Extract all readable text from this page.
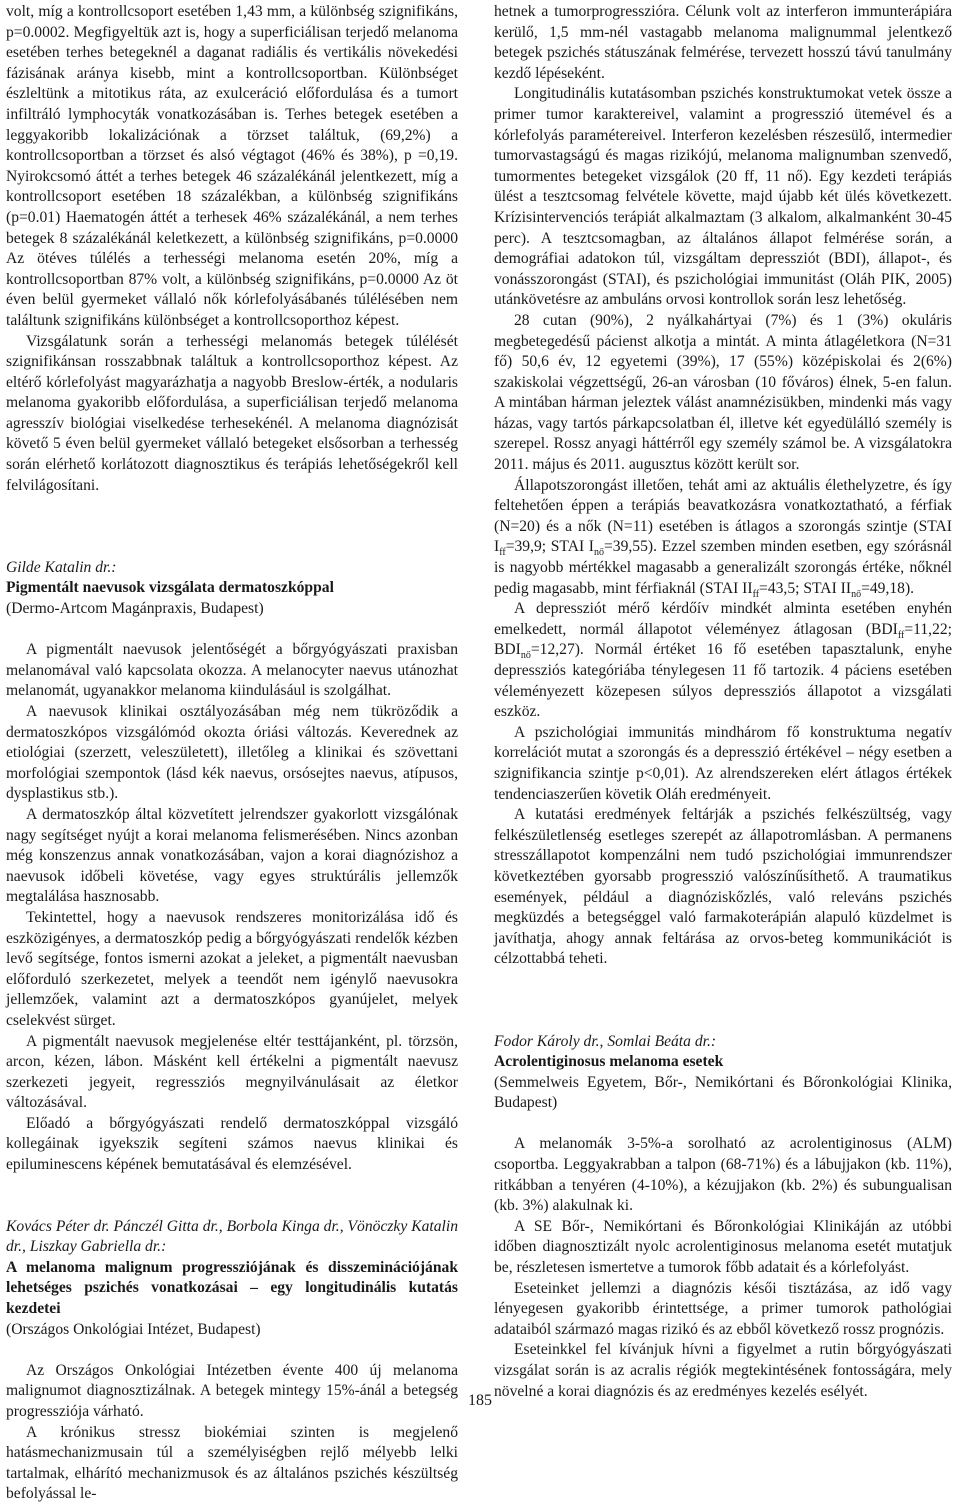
volt, míg a kontrollcsoport esetében 1,43 mm, a különbség szignifikáns, p=0.0002. Megfigyeltük azt is, hogy a superficiálisan terjedő melanoma esetében terhes betegeknél a daganat radiális és vertikális növekedési fázisának aránya kisebb, mint a kontrollcsoportban. Különbséget észleltünk a mitotikus ráta, az exulceráció előfordulása és a tumort infiltráló lymphocyták vonatkozásában is. Terhes betegek esetében a leggyakoribb lokalizációnak a törzset találtuk, (69,2%) a kontrollcsoportban a törzset és alsó végtagot (46% és 38%), p =0,19. Nyirokcsomó áttét a terhes betegek 46 százalékánál jelentkezett, míg a kontrollcsoport esetében 18 százalékban, a különbség szignifikáns (p=0.01) Haematogén áttét a terhesek 46% százalékánál, a nem terhes betegek 8 százalékánál keletkezett, a különbség szignifikáns, p=0.0000 Az ötéves túlélés a terhességi melanoma esetén 20%, míg a kontrollcsoportban 87% volt, a különbség szignifikáns, p=0.0000 Az öt éven belül gyermeket vállaló nők kórlefolyásábanés túlélésében nem találtunk szignifikáns különbséget a kontrollcsoporthoz képest.

Vizsgálatunk során a terhességi melanomás betegek túlélését szignifikánsan rosszabbnak találtuk a kontrollcsoporthoz képest. Az eltérő kórlefolyást magyarázhatja a nagyobb Breslow-érték, a nodularis melanoma gyakoribb előfordulása, a superficiálisan terjedő melanoma agresszív biológiai viselkedése terhesekénél. A melanoma diagnózisát követő 5 éven belül gyermeket vállaló betegeket elsősorban a terhesség során elérhető korlátozott diagnosztikus és terápiás lehetőségekről kell felvilágosítani.

Gilde Katalin dr.:

Pigmentált naevusok vizsgálata dermatoszkóppal

(Dermo-Artcom Magánpraxis, Budapest)

A pigmentált naevusok jelentőségét a bőrgyógyászati praxisban melanomával való kapcsolata okozza. A melanocyter naevus utánozhat melanomát, ugyanakkor melanoma kiindulásául is szolgálhat.

A naevusok klinikai osztályozásában még nem tükröződik a dermatoszkópos vizsgálómód okozta óriási változás. Keverednek az etiológiai (szerzett, veleszületett), illetőleg a klinikai és szövettani morfológiai szempontok (lásd kék naevus, orsósejtes naevus, atípusos, dysplastikus stb.).

A dermatoszkóp által közvetített jelrendszer gyakorlott vizsgálónak nagy segítséget nyújt a korai melanoma felismerésében. Nincs azonban még konszenzus annak vonatkozásában, vajon a korai diagnózishoz a naevusok időbeli követése, vagy egyes struktúrális jellemzők megtalálása hasznosabb.

Tekintettel, hogy a naevusok rendszeres monitorizálása idő és eszközigényes, a dermatoszkóp pedig a bőrgyógyászati rendelők kézben levő segítsége, fontos ismerni azokat a jeleket, a pigmentált naevusban előforduló szerkezetet, melyek a teendőt nem igénylő naevusokra jellemzőek, valamint azt a dermatoszkópos gyanújelet, melyek cselekvést sürget.

A pigmentált naevusok megjelenése eltér testtájanként, pl. törzsön, arcon, kézen, lábon. Másként kell értékelni a pigmentált naevusz szerkezeti jegyeit, regressziós megnyilvánulásait az életkor változásával.

Előadó a bőrgyógyászati rendelő dermatoszkóppal vizsgáló kollegáinak igyekszik segíteni számos naevus klinikai és epiluminescens képének bemutatásával és elemzésével.

Kovács Péter dr. Pánczél Gitta dr., Borbola Kinga dr., Vönöczky Katalin dr., Liszkay Gabriella dr.:

A melanoma malignum progressziójának és disszeminációjának lehetséges pszichés vonatkozásai – egy longitudinális kutatás kezdetei

(Országos Onkológiai Intézet, Budapest)

Az Országos Onkológiai Intézetben évente 400 új melanoma malignumot diagnosztizálnak. A betegek mintegy 15%-ánál a betegség progressziója várható.

A krónikus stressz biokémiai szinten is megjelenő hatásmechanizmusain túl a személyiségben rejlő mélyebb lelki tartalmak, elhárító mechanizmusok és az általános pszichés készültség befolyással le-

hetnek a tumorprogresszióra. Célunk volt az interferon immunterápiára kerülő, 1,5 mm-nél vastagabb melanoma malignummal jelentkező betegek pszichés státuszának felmérése, tervezett hosszú távú tanulmány kezdő lépéseként.

Longitudinális kutatásomban pszichés konstruktumokat vetek össze a primer tumor karaktereivel, valamint a progresszió ütemével és a kórlefolyás paramétereivel. Interferon kezelésben részesülő, intermedier tumorvastagságú és magas rizikójú, melanoma malignumban szenvedő, tumormentes betegeket vizsgálok (20 ff, 11 nő). Egy kezdeti terápiás ülést a tesztcsomag felvétele követte, majd újabb két ülés következett. Krízisintervenciós terápiát alkalmaztam (3 alkalom, alkalmanként 30-45 perc). A tesztcsomagban, az általános állapot felmérése során, a demográfiai adatokon túl, vizsgáltam depressziót (BDI), állapot-, és vonásszorongást (STAI), és pszichológiai immunitást (Oláh PIK, 2005) utánkövetésre az ambuláns orvosi kontrollok során lesz lehetőség.

28 cutan (90%), 2 nyálkahártyai (7%) és 1 (3%) okuláris megbetegedésű pácienst alkotja a mintát. A minta átlagéletkora (N=31 fő) 50,6 év, 12 egyetemi (39%), 17 (55%) középiskolai és 2(6%) szakiskolai végzettségű, 26-an városban (10 főváros) élnek, 5-en falun. A mintában hárman jeleztek válást anamnézisükben, mindenki más vagy házas, vagy tartós párkapcsolatban él, illetve két egyedülálló személy is szerepel. Rossz anyagi háttérről egy személy számol be. A vizsgálatokra 2011. május és 2011. augusztus között került sor.

Állapotszorongást illetően, tehát ami az aktuális élethelyzetre, és így feltehetően éppen a terápiás beavatkozásra vonatkoztatható, a férfiak (N=20) és a nők (N=11) esetében is átlagos a szorongás szintje (STAI $I_{ff}=39,9$; STAI $I_{nő}=39,55$). Ezzel szemben minden esetben, egy szórásnál is nagyobb mértékkel magasabb a generalizált szorongás értéke, nőknél pedig magasabb, mint férfiaknál (STAI $II_{ff}=43,5$; STAI $II_{nő}=49,18$).

A depressziót mérő kérdőív mindkét almintа esetében enyhén emelkedett, normál állapotot véleményez átlagosan ($BDI_{ff}=11,22$; $BDI_{nő}=12,27$). Normál értéket 16 fő esetében tapasztalunk, enyhe depressziós kategóriába ténylegesen 11 fő tartozik. 4 páciens esetében véleményezett közepesen súlyos depressziós állapotot a vizsgálati eszköz.

A pszichológiai immunitás mindhárom fő konstruktuma negatív korrelációt mutat a szorongás és a depresszió értékével – négy esetben a szignifikancia szintje p<0,01). Az alrendszereken elért átlagos értékek tendenciaszerűen követik Oláh eredményeit.

A kutatási eredmények feltárják a pszichés felkészültség, vagy felkészületlenség esetleges szerepét az állapotromlásban. A permanens stresszállapotot kompenzálni nem tudó pszichológiai immunrendszer következtében gyorsabb progresszió valószínűsíthető. A traumatikus események, például a diagnóziskőzlés, való releváns pszichés megküzdés a betegséggel való farmakoterápián alapuló küzdelmet is javíthatja, ahogy annak feltárása az orvos-beteg kommunikációt is célzottabbá teheti.

Fodor Károly dr., Somlai Beáta dr.:

Acrolentiginosus melanoma esetek

(Semmelweis Egyetem, Bőr-, Nemikórtani és Bőronkológiai Klinika, Budapest)

A melanomák 3-5%-a sorolható az acrolentiginosus (ALM) csoportba. Leggyakrabban a talpon (68-71%) és a lábujjakon (kb. 11%), ritkábban a tenyéren (4-10%), a kézujjakon (kb. 2%) és subungualisan (kb. 3%) alakulnak ki.

A SE Bőr-, Nemikórtani és Bőronkológiai Klinikáján az utóbbi időben diagnosztizált nyolc acrolentiginosus melanoma esetét mutatjuk be, részletesen ismertetve a tumorok főbb adatait és a kórlefolyást.

Eseteinket jellemzi a diagnózis késői tisztázása, az idő vagy lényegesen gyakoribb érintettsége, a primer tumorok pathológiai adataiból származó magas rizikó és az ebből következő rossz prognózis.

Eseteinkkel fel kívánjuk hívni a figyelmet a rutin bőrgyógyászati vizsgálat során is az acralis régiók megtekintésének fontosságára, mely növelné a korai diagnózis és az eredményes kezelés esélyét.

185
